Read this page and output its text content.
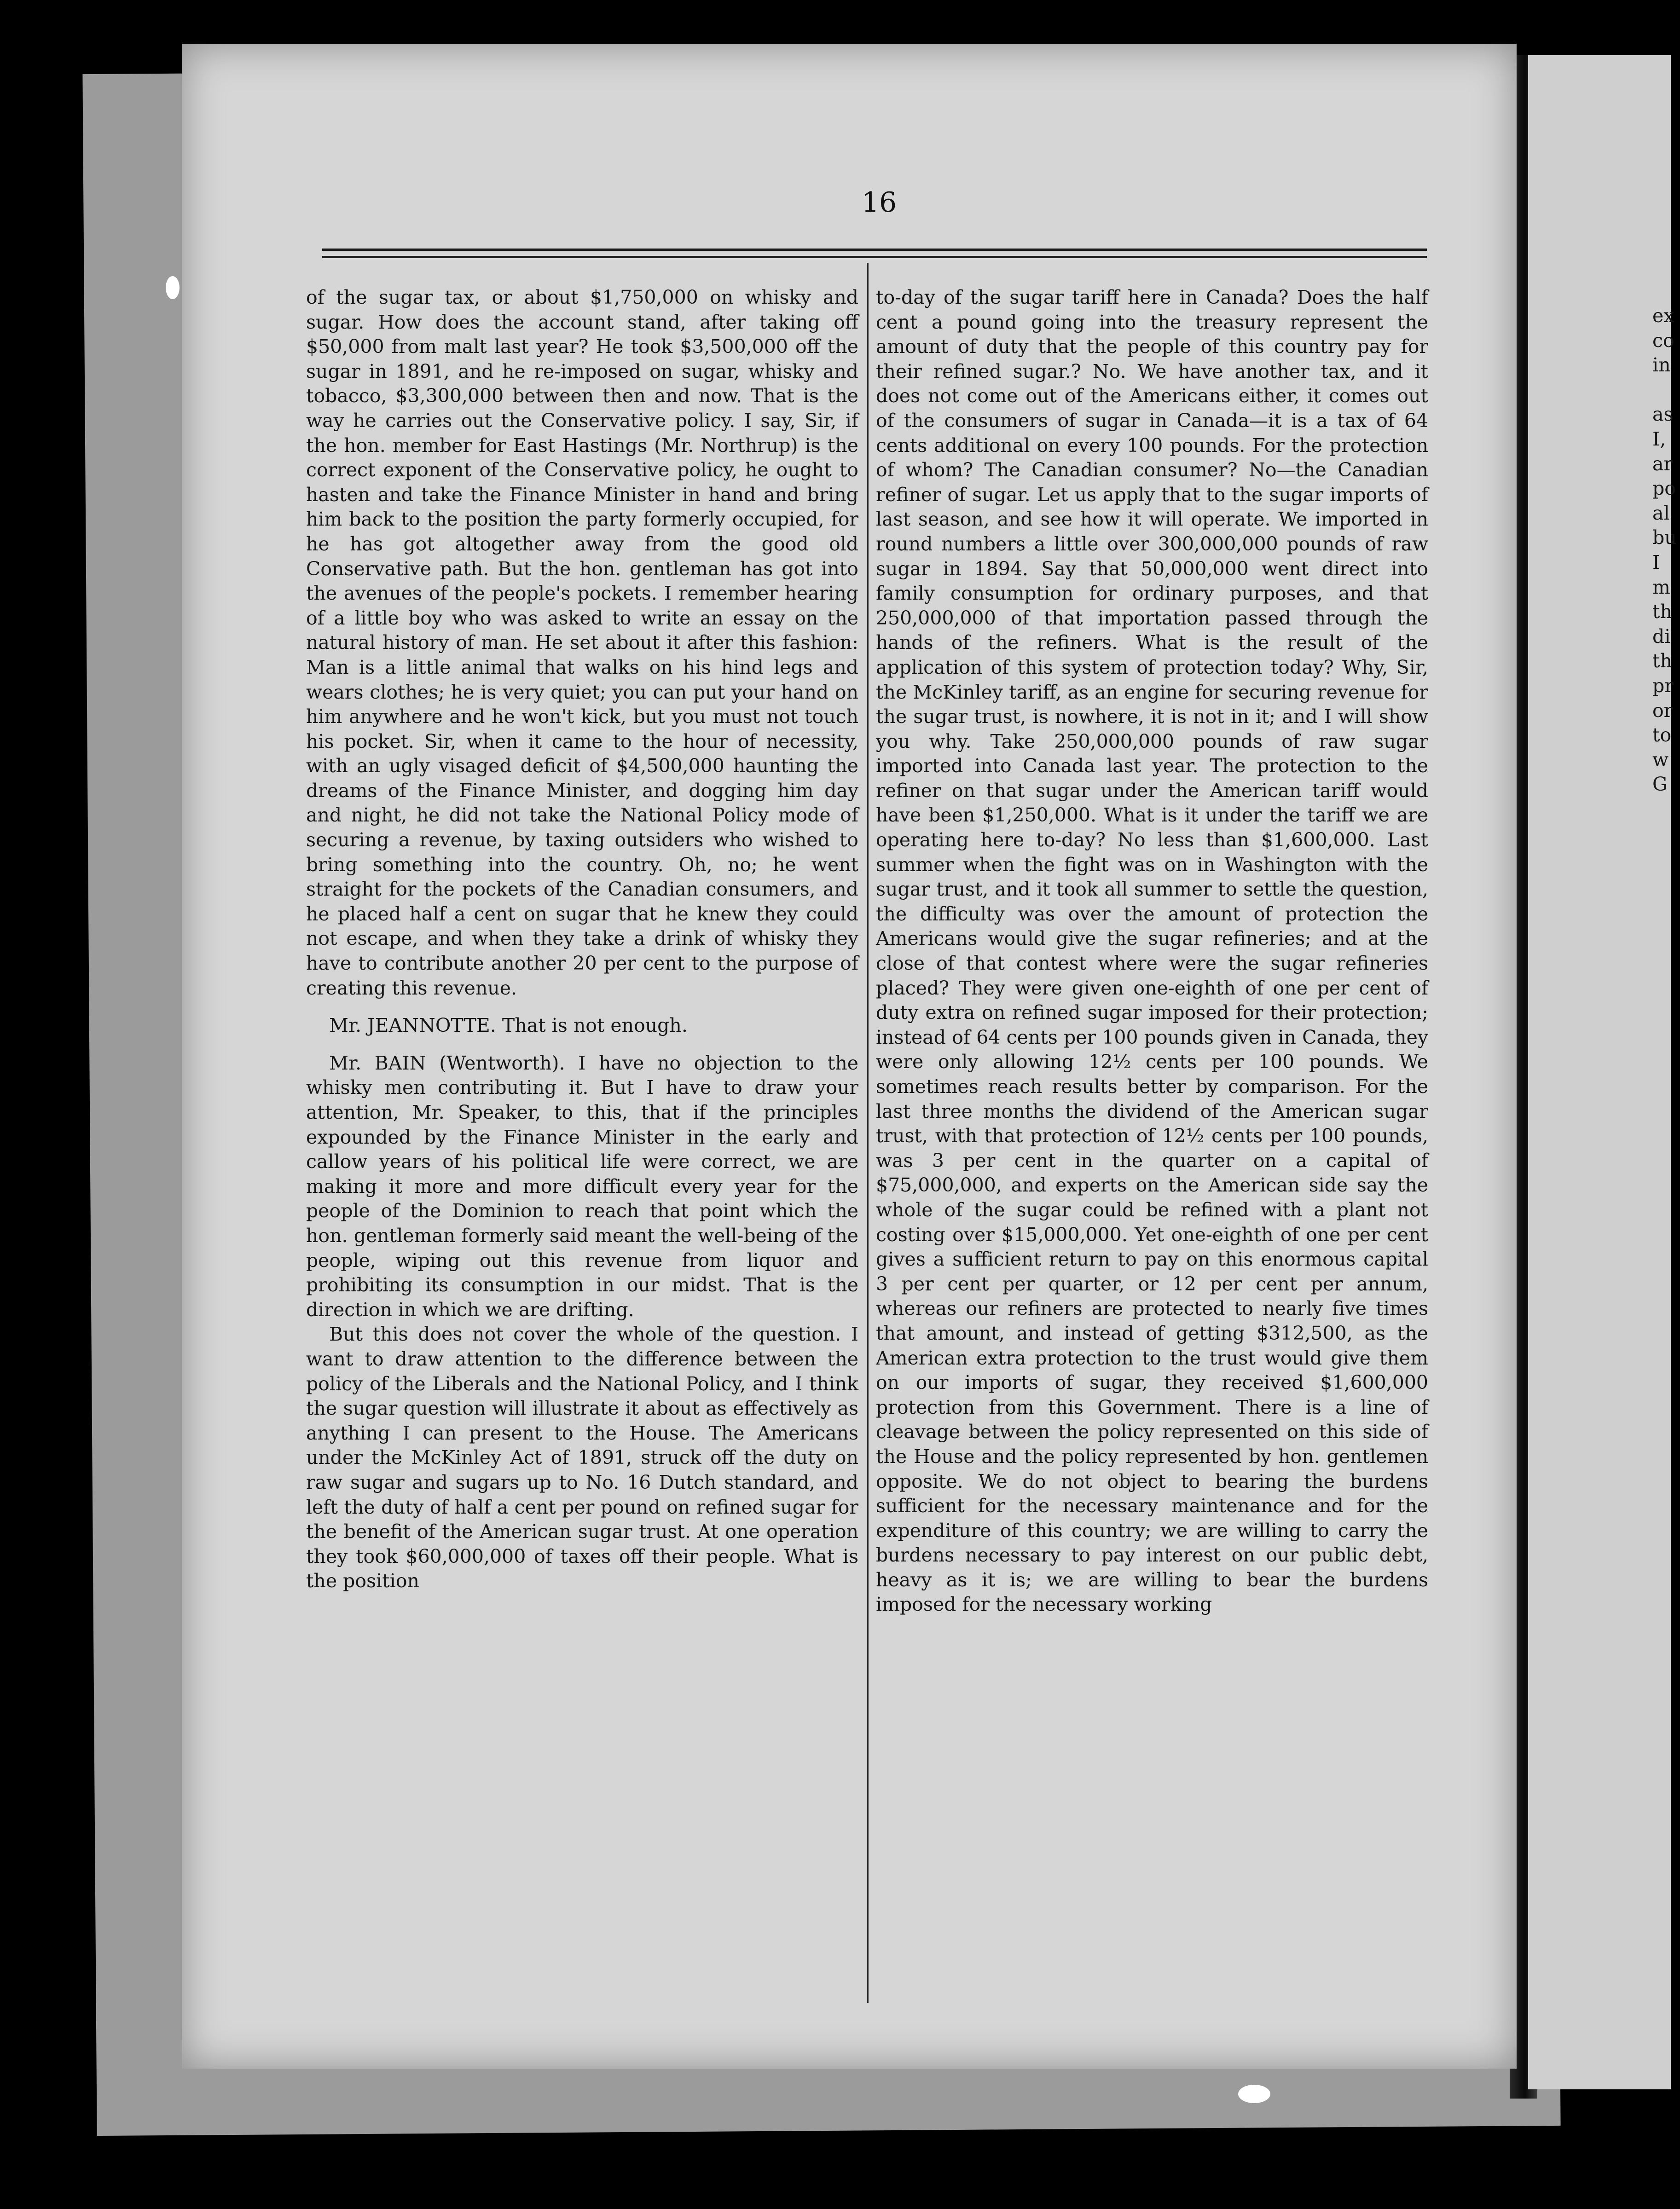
16

of the sugar tax, or about $1,750,000 on whisky and sugar. How does the account stand, after taking off $50,000 from malt last year? He took $3,500,000 off the sugar in 1891, and he re-imposed on sugar, whisky and tobacco, $3,300,000 between then and now. That is the way he carries out the Conservative policy. I say, Sir, if the hon. member for East Hastings (Mr. Northrup) is the correct exponent of the Conservative policy, he ought to hasten and take the Finance Minister in hand and bring him back to the position the party formerly occupied, for he has got altogether away from the good old Conservative path. But the hon. gentleman has got into the avenues of the people's pockets. I remember hearing of a little boy who was asked to write an essay on the natural history of man. He set about it after this fashion: Man is a little animal that walks on his hind legs and wears clothes; he is very quiet; you can put your hand on him anywhere and he won't kick, but you must not touch his pocket. Sir, when it came to the hour of necessity, with an ugly visaged deficit of $4,500,000 haunting the dreams of the Finance Minister, and dogging him day and night, he did not take the National Policy mode of securing a revenue, by taxing outsiders who wished to bring something into the country. Oh, no; he went straight for the pockets of the Canadian consumers, and he placed half a cent on sugar that he knew they could not escape, and when they take a drink of whisky they have to contribute another 20 per cent to the purpose of creating this revenue.

Mr. JEANNOTTE. That is not enough.

Mr. BAIN (Wentworth). I have no objection to the whisky men contributing it. But I have to draw your attention, Mr. Speaker, to this, that if the principles expounded by the Finance Minister in the early and callow years of his political life were correct, we are making it more and more difficult every year for the people of the Dominion to reach that point which the hon. gentleman formerly said meant the well-being of the people, wiping out this revenue from liquor and prohibiting its consumption in our midst. That is the direction in which we are drifting.

But this does not cover the whole of the question. I want to draw attention to the difference between the policy of the Liberals and the National Policy, and I think the sugar question will illustrate it about as effectively as anything I can present to the House. The Americans under the McKinley Act of 1891, struck off the duty on raw sugar and sugars up to No. 16 Dutch standard, and left the duty of half a cent per pound on refined sugar for the benefit of the American sugar trust. At one operation they took $60,000,000 of taxes off their people. What is the position

to-day of the sugar tariff here in Canada? Does the half cent a pound going into the treasury represent the amount of duty that the people of this country pay for their refined sugar.? No. We have another tax, and it does not come out of the Americans either, it comes out of the consumers of sugar in Canada—it is a tax of 64 cents additional on every 100 pounds. For the protection of whom? The Canadian consumer? No—the Canadian refiner of sugar. Let us apply that to the sugar imports of last season, and see how it will operate. We imported in round numbers a little over 300,000,000 pounds of raw sugar in 1894. Say that 50,000,000 went direct into family consumption for ordinary purposes, and that 250,000,000 of that importation passed through the hands of the refiners. What is the result of the application of this system of protection today? Why, Sir, the McKinley tariff, as an engine for securing revenue for the sugar trust, is nowhere, it is not in it; and I will show you why. Take 250,000,000 pounds of raw sugar imported into Canada last year. The protection to the refiner on that sugar under the American tariff would have been $1,250,000. What is it under the tariff we are operating here to-day? No less than $1,600,000. Last summer when the fight was on in Washington with the sugar trust, and it took all summer to settle the question, the difficulty was over the amount of protection the Americans would give the sugar refineries; and at the close of that contest where were the sugar refineries placed? They were given one-eighth of one per cent of duty extra on refined sugar imposed for their protection; instead of 64 cents per 100 pounds given in Canada, they were only allowing 12½ cents per 100 pounds. We sometimes reach results better by comparison. For the last three months the dividend of the American sugar trust, with that protection of 12½ cents per 100 pounds, was 3 per cent in the quarter on a capital of $75,000,000, and experts on the American side say the whole of the sugar could be refined with a plant not costing over $15,000,000. Yet one-eighth of one per cent gives a sufficient return to pay on this enormous capital 3 per cent per quarter, or 12 per cent per annum, whereas our refiners are protected to nearly five times that amount, and instead of getting $312,500, as the American extra protection to the trust would give them on our imports of sugar, they received $1,600,000 protection from this Government. There is a line of cleavage between the policy represented on this side of the House and the policy represented by hon. gentlemen opposite. We do not object to bearing the burdens sufficient for the necessary maintenance and for the expenditure of this country; we are willing to carry the burdens necessary to pay interest on our public debt, heavy as it is; we are willing to bear the burdens imposed for the necessary working

ex
co
in
as
I,
ar
po
al
bu
I
m
th
di
th
pr
or
to
w
G
